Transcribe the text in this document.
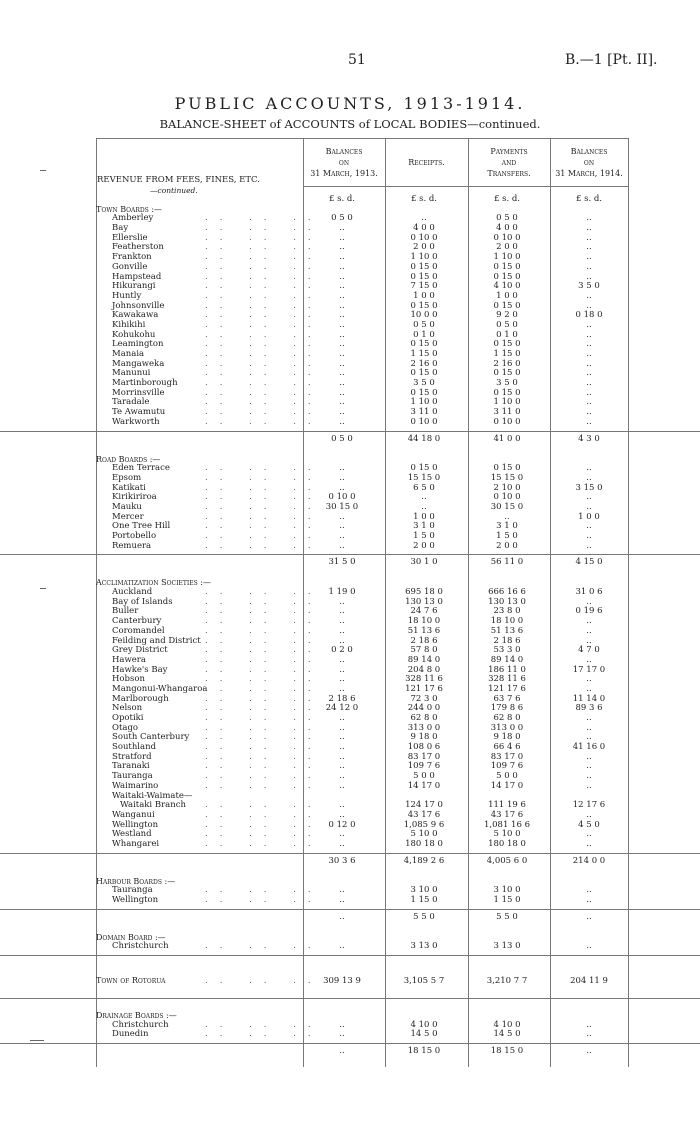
51	B.—1 [Pt. II].
PUBLIC ACCOUNTS, 1913-1914.
BALANCE-SHEET of ACCOUNTS of LOCAL BODIES—continued.
Balances
on
31 March, 1913.
Receipts.
Payments
and
Transfers.
Balances
on
31 March, 1914.
REVENUE FROM FEES, FINES, ETC.
—continued.
£ s. d.	£ s. d.	£ s. d.	£ s. d.
Town Boards :—
Amberley	.. .. ..	0 5 0	..	0 5 0	..
Bay	.. .. ..	..	4 0 0	4 0 0	..
Ellerslie	.. .. ..	..	0 10 0	0 10 0	..
Featherston	.. .. ..	..	2 0 0	2 0 0	..
Frankton	.. .. ..	..	1 10 0	1 10 0	..
Gonville	.. .. ..	..	0 15 0	0 15 0	..
Hampstead	.. .. ..	..	0 15 0	0 15 0	..
Hikurangi	.. .. ..	..	7 15 0	4 10 0	3 5 0
Huntly	.. .. ..	..	1 0 0	1 0 0	..
Johnsonville	.. .. ..	..	0 15 0	0 15 0	..
Kawakawa	.. .. ..	..	10 0 0	9 2 0	0 18 0
Kihikihi	.. .. ..	..	0 5 0	0 5 0	..
Kohukohu	.. .. ..	..	0 1 0	0 1 0	..
Leamington	.. .. ..	..	0 15 0	0 15 0	..
Manaia	.. .. ..	..	1 15 0	1 15 0	..
Mangaweka	.. .. ..	..	2 16 0	2 16 0	..
Manunui	.. .. ..	..	0 15 0	0 15 0	..
Martinborough	.. .. ..	..	3 5 0	3 5 0	..
Morrinsville	.. .. ..	..	0 15 0	0 15 0	..
Taradale	.. .. ..	..	1 10 0	1 10 0	..
Te Awamutu	.. .. ..	..	3 11 0	3 11 0	..
Warkworth	.. .. ..	..	0 10 0	0 10 0	..
0 5 0	44 18 0	41 0 0	4 3 0
Road Boards :—
Eden Terrace	.. .. ..	..	0 15 0	0 15 0	..
Epsom	.. .. ..	..	15 15 0	15 15 0	..
Katikati	.. .. ..	..	6 5 0	2 10 0	3 15 0
Kirikiriroa	.. .. .. 0 10 0	..	0 10 0	..
Mauku	.. .. .. 30 15 0	..	30 15 0	..
Mercer	.. .. ..	..	1 0 0	..	1 0 0
One Tree Hill	.. .. ..	..	3 1 0	3 1 0	..
Portobello	.. .. ..	..	1 5 0	1 5 0	..
Remuera	.. .. ..	..	2 0 0	2 0 0	..
31 5 0	30 1 0	56 11 0	4 15 0
Acclimatization Societies :—
Auckland	.. .. .. 1 19 0	695 18 0	666 16 6	31 0 6
Bay of Islands	.. .. ..	..	130 13 0	130 13 0	..
Buller	.. .. ..	..	24 7 6	23 8 0	0 19 6
Canterbury	.. .. ..	..	18 10 0	18 10 0	..
Coromandel	.. .. ..	..	51 13 6	51 13 6	..
Feilding and District .. .. ..	..	2 18 6	2 18 6	..
Grey District	.. .. ..	0 2 0	57 8 0	53 3 0	4 7 0
Hawera	.. .. ..	..	89 14 0	89 14 0	..
Hawke's Bay	.. .. ..	..	204 8 0	186 11 0	17 17 0
Hobson	.. .. ..	..	328 11 6	328 11 6	..
Mangonui-Whangaroa
.. .. ..	..	121 17 6	121 17 6	..
Marlborough	.. .. .. 2 18 6	72 3 0	63 7 6	11 14 0
Nelson	.. .. .. 24 12 0	244 0 0	179 8 6	89 3 6
Opotiki	.. .. ..	..	62 8 0	62 8 0	..
Otago	.. .. ..	..	313 0 0	313 0 0	..
South Canterbury .. .. ..	..	9 18 0	9 18 0	..
Southland	.. .. ..	..	108 0 6	66 4 6	41 16 0
Stratford	.. .. ..	..	83 17 0	83 17 0	..
Taranaki	.. .. ..	..	109 7 6	109 7 6	..
Tauranga	.. .. ..	..	5 0 0	5 0 0	..
Waimarino	.. .. ..	..	14 17 0	14 17 0	..
Waitaki-Waimate—
Waitaki Branch .. .. ..	..	124 17 0	111 19 6	12 17 6
Wanganui	.. .. ..	..	43 17 6	43 17 6	..
Wellington	.. .. .. 0 12 0	1,085 9 6	1,081 16 6	4 5 0
Westland	.. .. ..	..	5 10 0	5 10 0	..
Whangarei	.. .. ..	..	180 18 0	180 18 0	..
30 3 6	4,189 2 6	4,005 6 0	214 0 0
Harbour Boards :—
Tauranga	.. .. ..	..	3 10 0	3 10 0	..
Wellington	.. .. ..	..	1 15 0	1 15 0	..
..	5 5 0	5 5 0	..
Domain Board :—
Christchurch	.. .. ..	..	3 13 0	3 13 0	..
Town of Rotorua	.. .. .. 309 13 9	3,105 5 7	3,210 7 7	204 11 9
Drainage Boards :—
Christchurch	.. .. ..	..	4 10 0	4 10 0	..
Dunedin	.. .. ..	..	14 5 0	14 5 0	..
..	18 15 0	18 15 0	..
